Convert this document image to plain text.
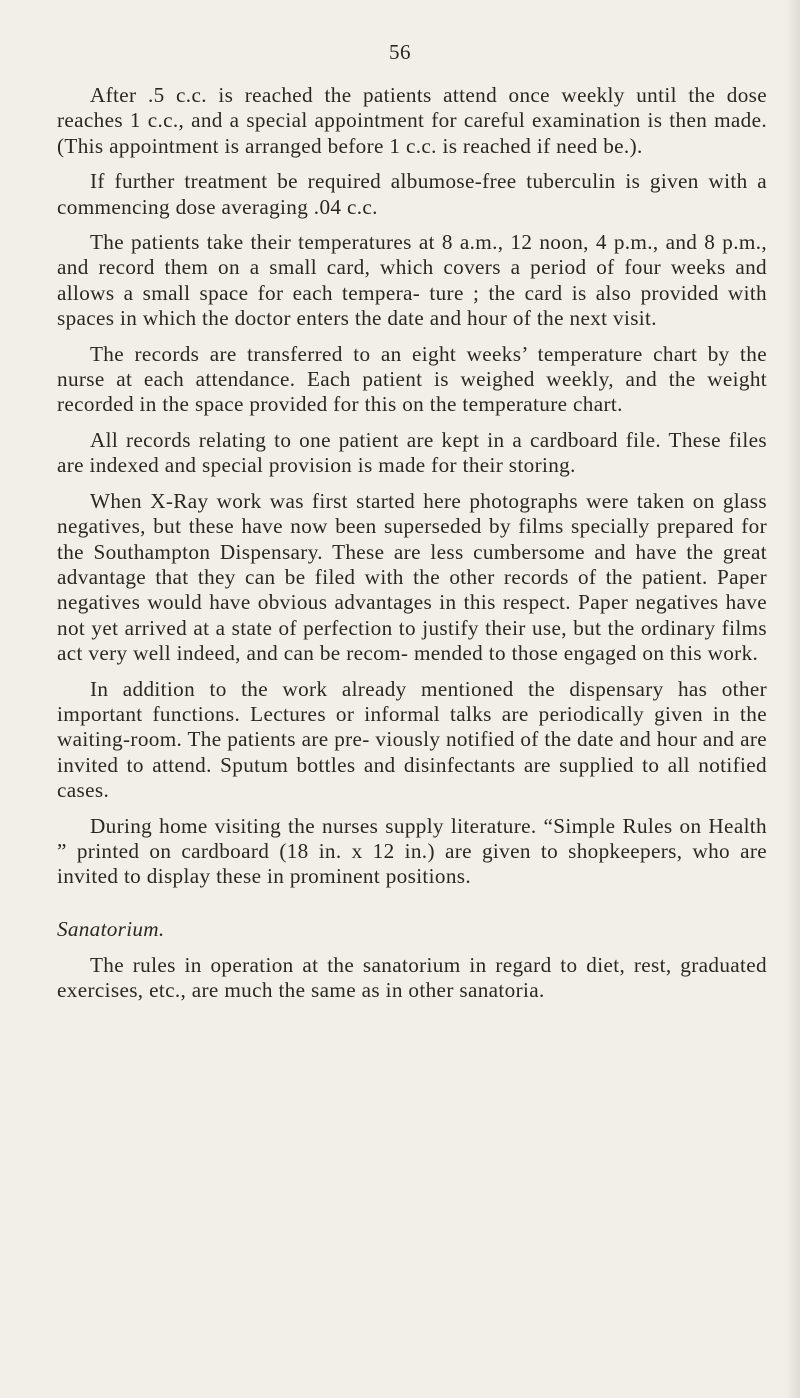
56

After .5 c.c. is reached the patients attend once weekly until the dose reaches 1 c.c., and a special appointment for careful examination is then made. (This appointment is arranged before 1 c.c. is reached if need be.).

If further treatment be required albumose-free tuberculin is given with a commencing dose averaging .04 c.c.

The patients take their temperatures at 8 a.m., 12 noon, 4 p.m., and 8 p.m., and record them on a small card, which covers a period of four weeks and allows a small space for each tempera- ture ; the card is also provided with spaces in which the doctor enters the date and hour of the next visit.

The records are transferred to an eight weeks’ temperature chart by the nurse at each attendance. Each patient is weighed weekly, and the weight recorded in the space provided for this on the temperature chart.

All records relating to one patient are kept in a cardboard file. These files are indexed and special provision is made for their storing.

When X-Ray work was first started here photographs were taken on glass negatives, but these have now been superseded by films specially prepared for the Southampton Dispensary. These are less cumbersome and have the great advantage that they can be filed with the other records of the patient. Paper negatives would have obvious advantages in this respect. Paper negatives have not yet arrived at a state of perfection to justify their use, but the ordinary films act very well indeed, and can be recom- mended to those engaged on this work.

In addition to the work already mentioned the dispensary has other important functions. Lectures or informal talks are periodically given in the waiting-room. The patients are pre- viously notified of the date and hour and are invited to attend. Sputum bottles and disinfectants are supplied to all notified cases.

During home visiting the nurses supply literature. “Simple Rules on Health ” printed on cardboard (18 in. x 12 in.) are given to shopkeepers, who are invited to display these in prominent positions.

Sanatorium.

The rules in operation at the sanatorium in regard to diet, rest, graduated exercises, etc., are much the same as in other sanatoria.
